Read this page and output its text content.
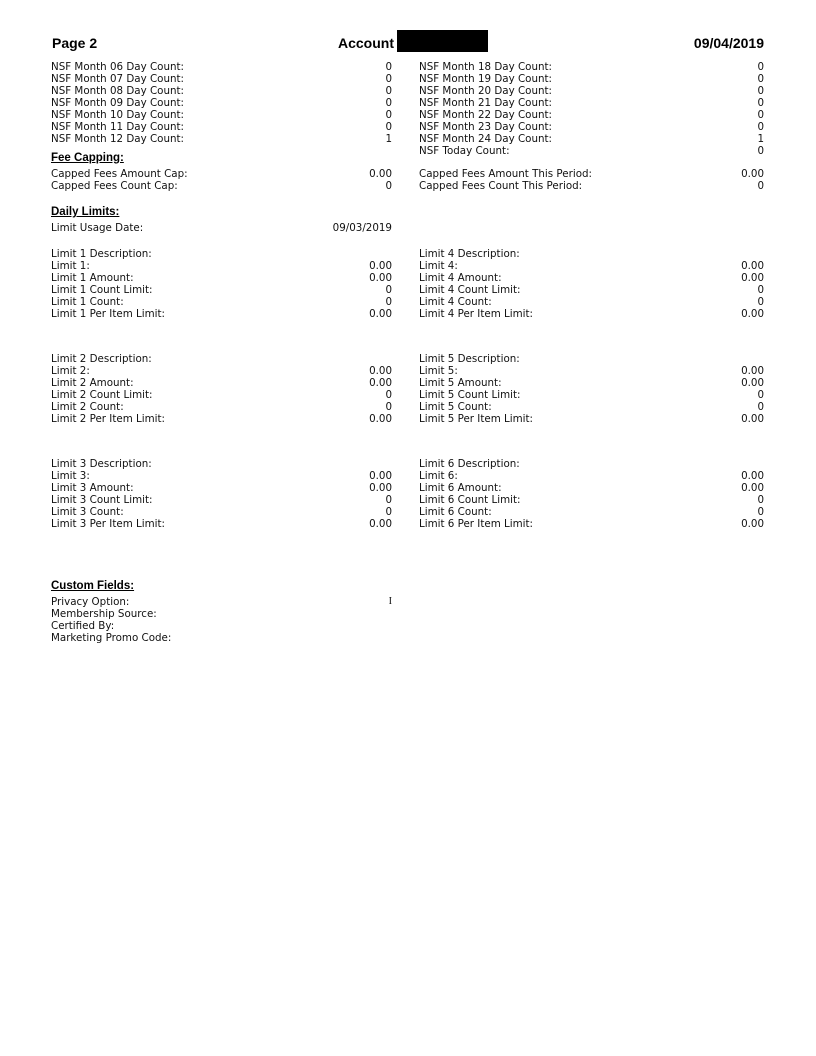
Page 2	Account	09/04/2019
NSF Month 06 Day Count:	0
NSF Month 07 Day Count:	0
NSF Month 08 Day Count:	0
NSF Month 09 Day Count:	0
NSF Month 10 Day Count:	0
NSF Month 11 Day Count:	0
NSF Month 12 Day Count:	1
NSF Month 18 Day Count:	0
NSF Month 19 Day Count:	0
NSF Month 20 Day Count:	0
NSF Month 21 Day Count:	0
NSF Month 22 Day Count:	0
NSF Month 23 Day Count:	0
NSF Month 24 Day Count:	1
NSF Today Count:	0
Fee Capping:
Capped Fees Amount Cap:	0.00	Capped Fees Amount This Period:	0.00
Capped Fees Count Cap:	0	Capped Fees Count This Period:	0
Daily Limits:
Limit Usage Date:	09/03/2019
Limit 1 Description:
Limit 1:	0.00
Limit 1 Amount:	0.00
Limit 1 Count Limit:	0
Limit 1 Count:	0
Limit 1 Per Item Limit:	0.00
Limit 4 Description:
Limit 4:	0.00
Limit 4 Amount:	0.00
Limit 4 Count Limit:	0
Limit 4 Count:	0
Limit 4 Per Item Limit:	0.00
Limit 2 Description:
Limit 2:	0.00
Limit 2 Amount:	0.00
Limit 2 Count Limit:	0
Limit 2 Count:	0
Limit 2 Per Item Limit:	0.00
Limit 5 Description:
Limit 5:	0.00
Limit 5 Amount:	0.00
Limit 5 Count Limit:	0
Limit 5 Count:	0
Limit 5 Per Item Limit:	0.00
Limit 3 Description:
Limit 3:	0.00
Limit 3 Amount:	0.00
Limit 3 Count Limit:	0
Limit 3 Count:	0
Limit 3 Per Item Limit:	0.00
Limit 6 Description:
Limit 6:	0.00
Limit 6 Amount:	0.00
Limit 6 Count Limit:	0
Limit 6 Count:	0
Limit 6 Per Item Limit:	0.00
Custom Fields:
Privacy Option:	I
Membership Source:
Certified By:
Marketing Promo Code:
